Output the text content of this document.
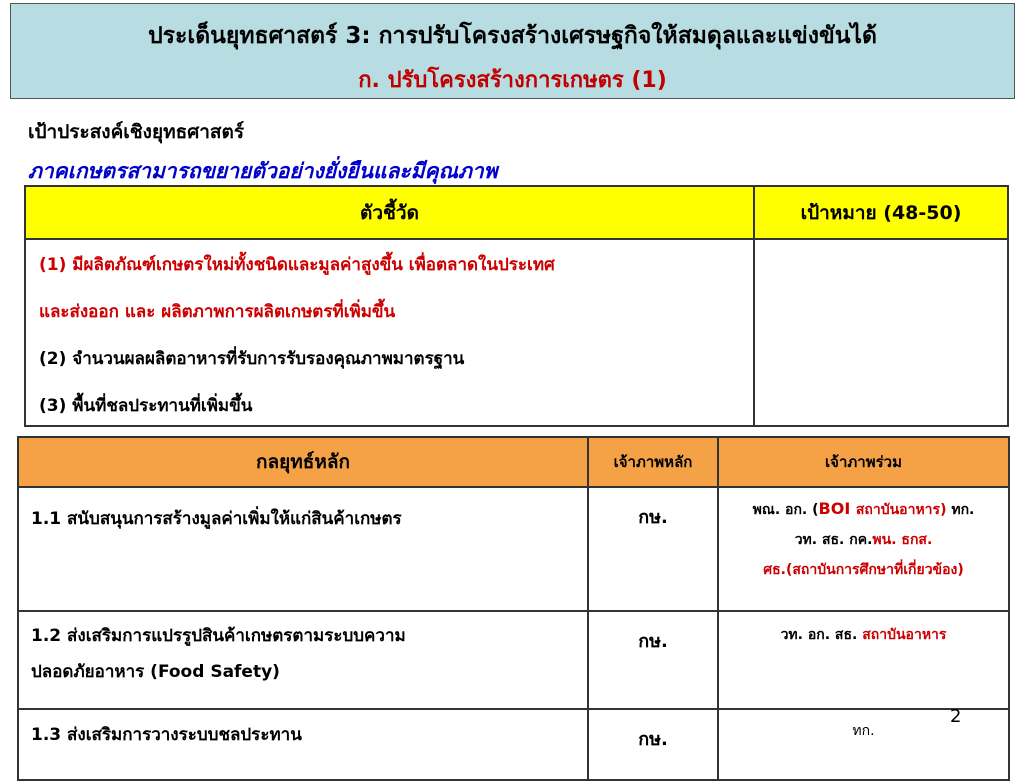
ประเด็นยุทธศาสตร์ 3: การปรับโครงสร้างเศรษฐกิจให้สมดุลและแข่งขันได้
ก. ปรับโครงสร้างการเกษตร (1)
เป้าประสงค์เชิงยุทธศาสตร์
ภาคเกษตรสามารถขยายตัวอย่างยั่งยืนและมีคุณภาพ
ตัวชี้วัด	เป้าหมาย (48-50)

(1) มีผลิตภัณฑ์เกษตรใหม่ทั้งชนิดและมูลค่าสูงขึ้น เพื่อตลาดในประเทศ
และส่งออก และ ผลิตภาพการผลิตเกษตรที่เพิ่มขึ้น
(2) จำนวนผลผลิตอาหารที่รับการรับรองคุณภาพมาตรฐาน
(3) พื้นที่ชลประทานที่เพิ่มขึ้น	

กลยุทธ์หลัก	เจ้าภาพหลัก	เจ้าภาพร่วม
1.1 สนับสนุนการสร้างมูลค่าเพิ่มให้แก่สินค้าเกษตร	กษ.	พณ. อก. (BOI สถาบันอาหาร) ทก.
วท. สธ. กค.พน. ธกส.
ศธ.(สถาบันการศึกษาที่เกี่ยวข้อง)

1.2 ส่งเสริมการแปรรูปสินค้าเกษตรตามระบบความ
ปลอดภัยอาหาร (Food Safety)	กษ.	วท. อก. สธ. สถาบันอาหาร
1.3 ส่งเสริมการวางระบบชลประทาน	กษ.	ทก.
2
